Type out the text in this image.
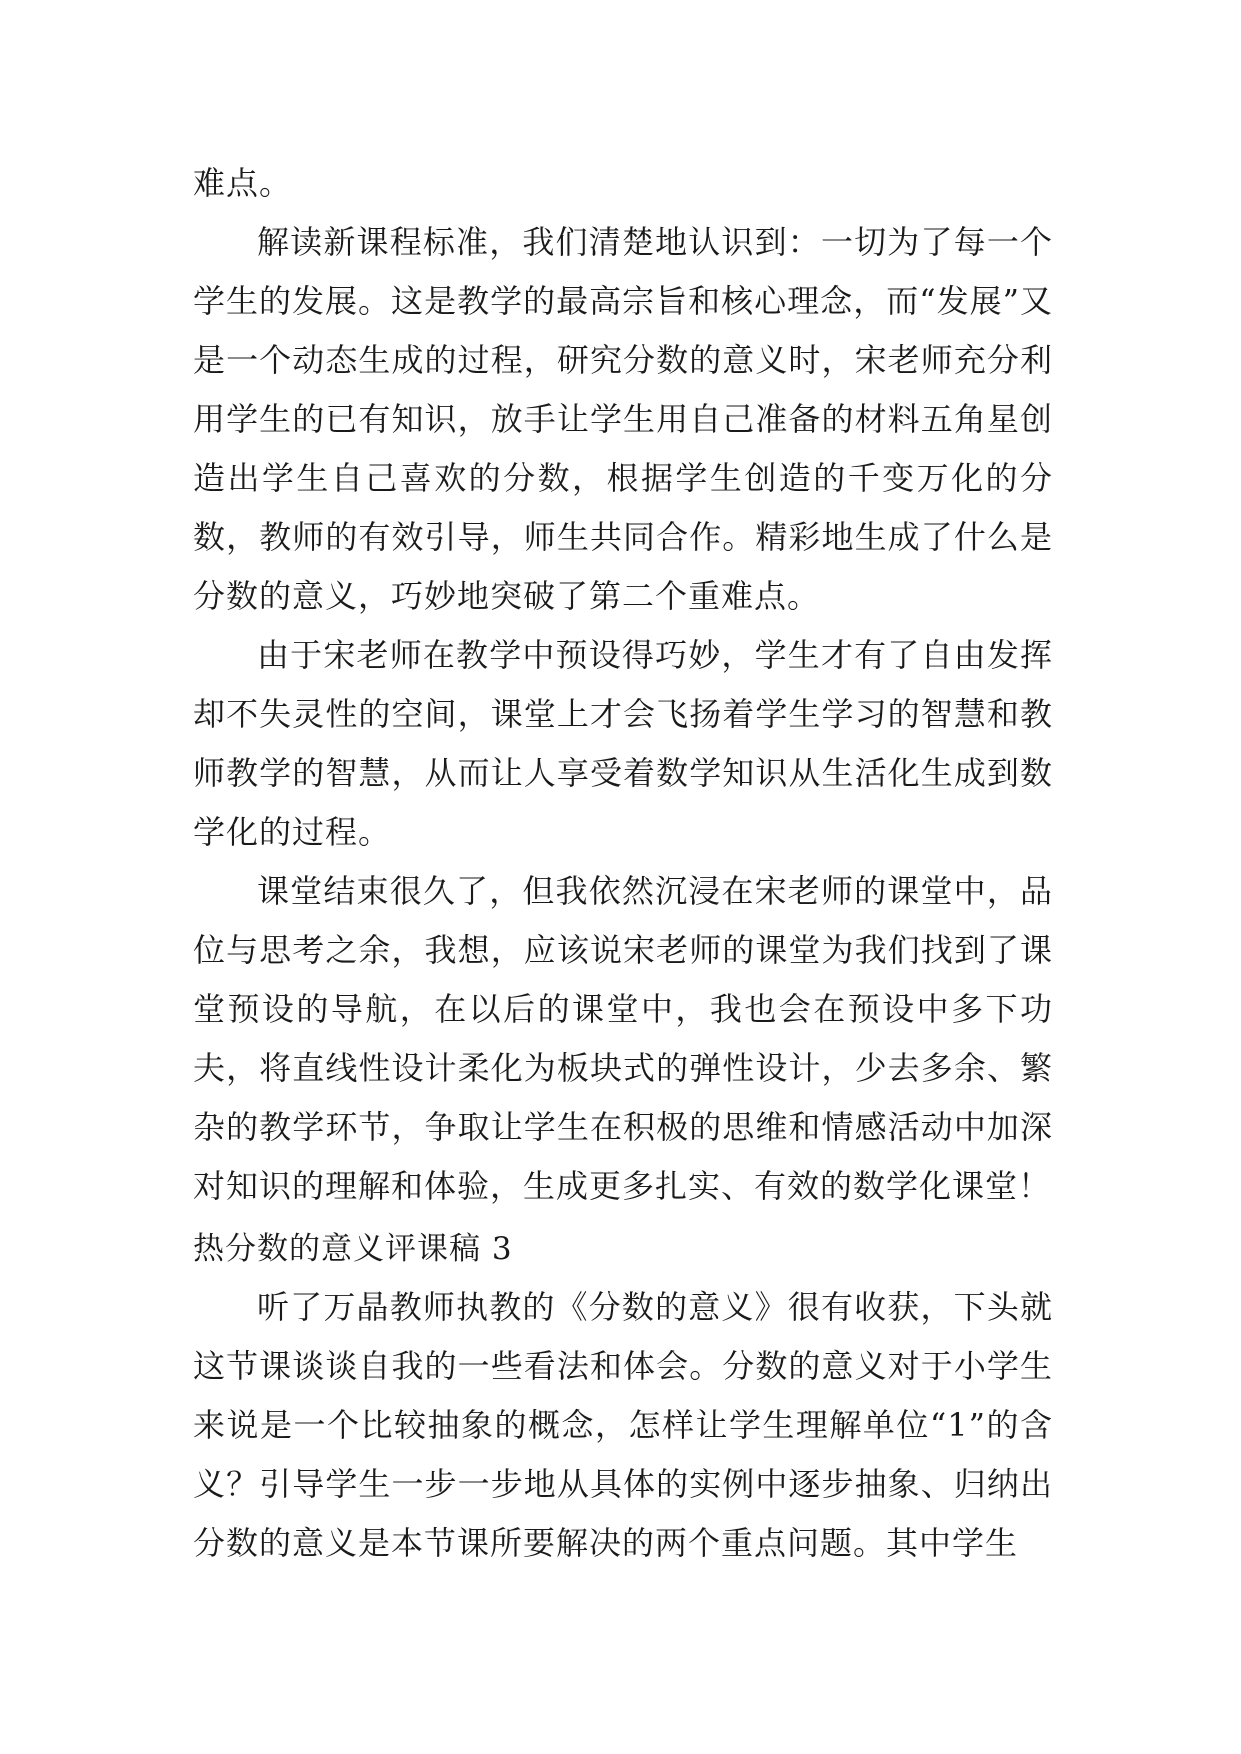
难点。

解读新课程标准，我们清楚地认识到：一切为了每一个学生的发展。这是教学的最高宗旨和核心理念，而“发展”又是一个动态生成的过程，研究分数的意义时，宋老师充分利用学生的已有知识，放手让学生用自己准备的材料五角星创造出学生自己喜欢的分数，根据学生创造的千变万化的分数，教师的有效引导，师生共同合作。精彩地生成了什么是分数的意义，巧妙地突破了第二个重难点。

由于宋老师在教学中预设得巧妙，学生才有了自由发挥却不失灵性的空间，课堂上才会飞扬着学生学习的智慧和教师教学的智慧，从而让人享受着数学知识从生活化生成到数学化的过程。

课堂结束很久了，但我依然沉浸在宋老师的课堂中，品位与思考之余，我想，应该说宋老师的课堂为我们找到了课堂预设的导航，在以后的课堂中，我也会在预设中多下功夫，将直线性设计柔化为板块式的弹性设计，少去多余、繁杂的教学环节，争取让学生在积极的思维和情感活动中加深对知识的理解和体验，生成更多扎实、有效的数学化课堂！

热分数的意义评课稿 3

听了万晶教师执教的《分数的意义》很有收获，下头就这节课谈谈自我的一些看法和体会。分数的意义对于小学生来说是一个比较抽象的概念，怎样让学生理解单位“1”的含义？引导学生一步一步地从具体的实例中逐步抽象、归纳出分数的意义是本节课所要解决的两个重点问题。其中学生
